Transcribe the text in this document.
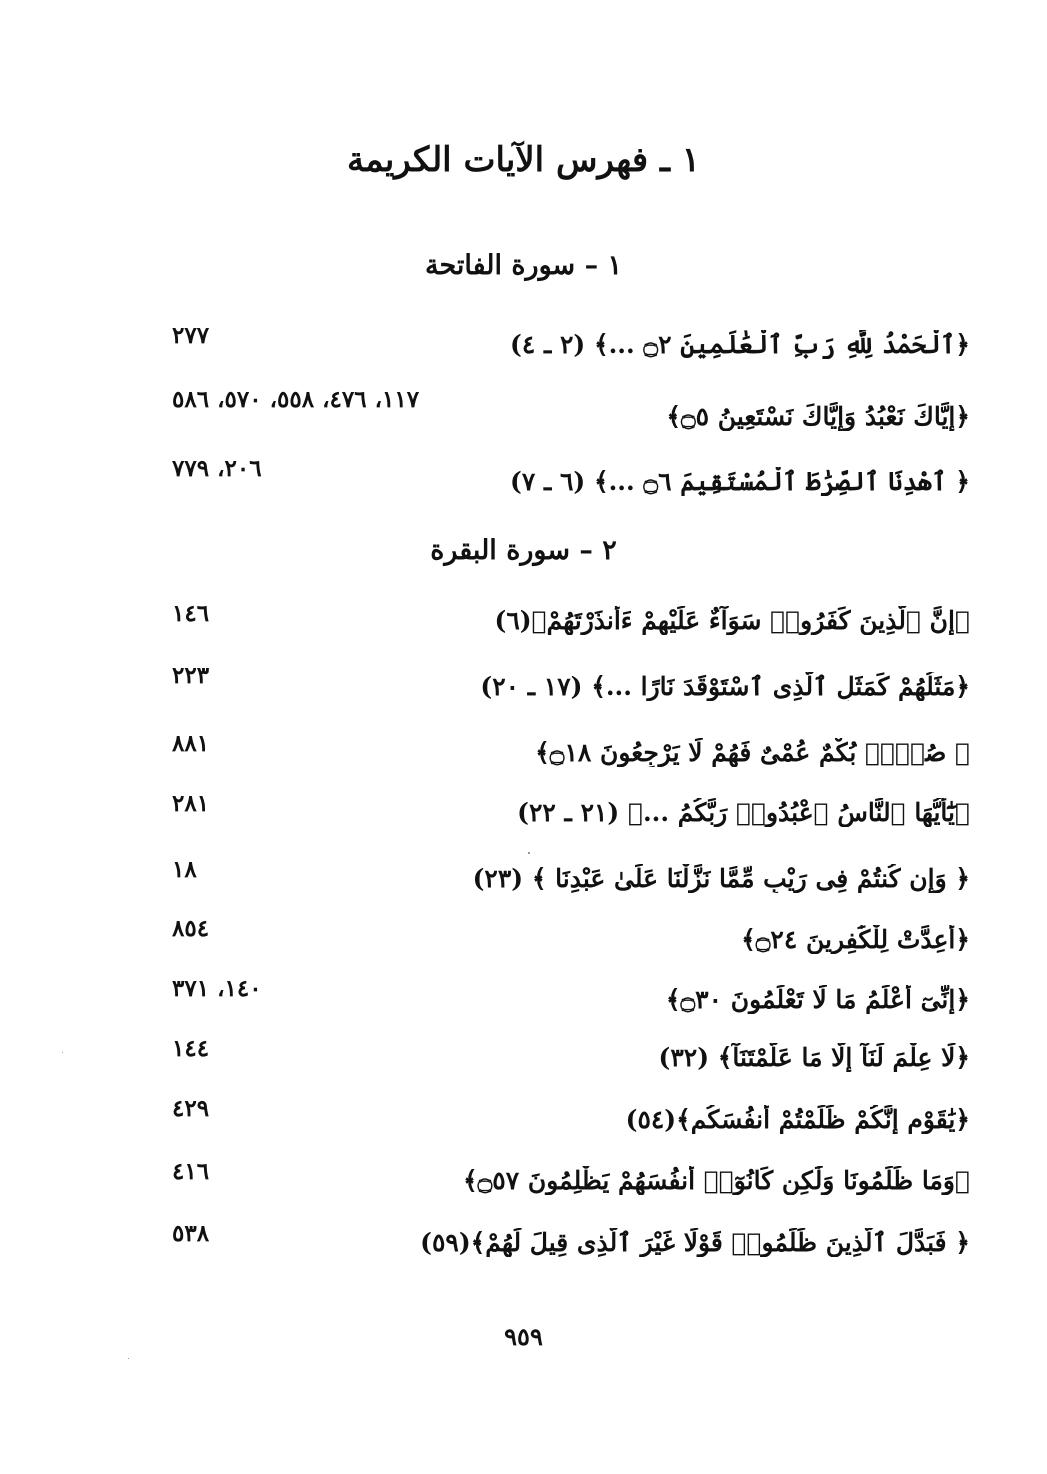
١ ـ فهرس الآيات الكريمة
١ – سورة الفاتحة
﴿ٱلْحَمْدُ لِلَّهِ رَبِّ ٱلْعَٰلَمِينَ ۝٢ ...﴾ (٢ ـ ٤)
٢٧٧
﴿إِيَّاكَ نَعْبُدُ وَإِيَّاكَ نَسْتَعِينُ ۝٥﴾
١١٧، ٤٧٦، ٥٥٨، ٥٧٠، ٥٨٦
﴿ ٱهْدِنَا ٱلصِّرَٰطَ ٱلْمُسْتَقِيمَ ۝٦ ...﴾ (٦ ـ ٧)
٢٠٦، ٧٧٩
٢ – سورة البقرة
﴿إِنَّ ٱلَّذِينَ كَفَرُوا۟ سَوَآءٌ عَلَيْهِمْ ءَأَنذَرْتَهُمْ﴾(٦)
١٤٦
﴿مَثَلُهُمْ كَمَثَلِ ٱلَّذِى ٱسْتَوْقَدَ نَارًا ...﴾ (١٧ ـ ٢٠)
٢٢٣
﴿ صُمٌّۢ بُكْمٌ عُمْىٌ فَهُمْ لَا يَرْجِعُونَ ۝١٨﴾
٨٨١
﴿يَٰٓأَيُّهَا ٱلنَّاسُ ٱعْبُدُوا۟ رَبَّكُمُ ...﴾ (٢١ ـ ٢٢)
٢٨١
﴿ وَإِن كُنتُمْ فِى رَيْبٍ مِّمَّا نَزَّلْنَا عَلَىٰ عَبْدِنَا ﴾ (٢٣)
١٨
﴿أُعِدَّتْ لِلْكَٰفِرِينَ ۝٢٤﴾
٨٥٤
﴿إِنِّىٓ أَعْلَمُ مَا لَا تَعْلَمُونَ ۝٣٠﴾
١٤٠، ٣٧١
﴿لَا عِلْمَ لَنَآ إِلَّا مَا عَلَّمْتَنَآ﴾ (٣٢)
١٤٤
﴿يَٰقَوْمِ إِنَّكُمْ ظَلَمْتُمْ أَنفُسَكُم﴾(٥٤)
٤٢٩
﴿وَمَا ظَلَمُونَا وَلَٰكِن كَانُوٓا۟ أَنفُسَهُمْ يَظْلِمُونَ ۝٥٧﴾
٤١٦
﴿ فَبَدَّلَ ٱلَّذِينَ ظَلَمُوا۟ قَوْلًا غَيْرَ ٱلَّذِى قِيلَ لَهُمْ﴾(٥٩)
٥٣٨
٩٥٩
